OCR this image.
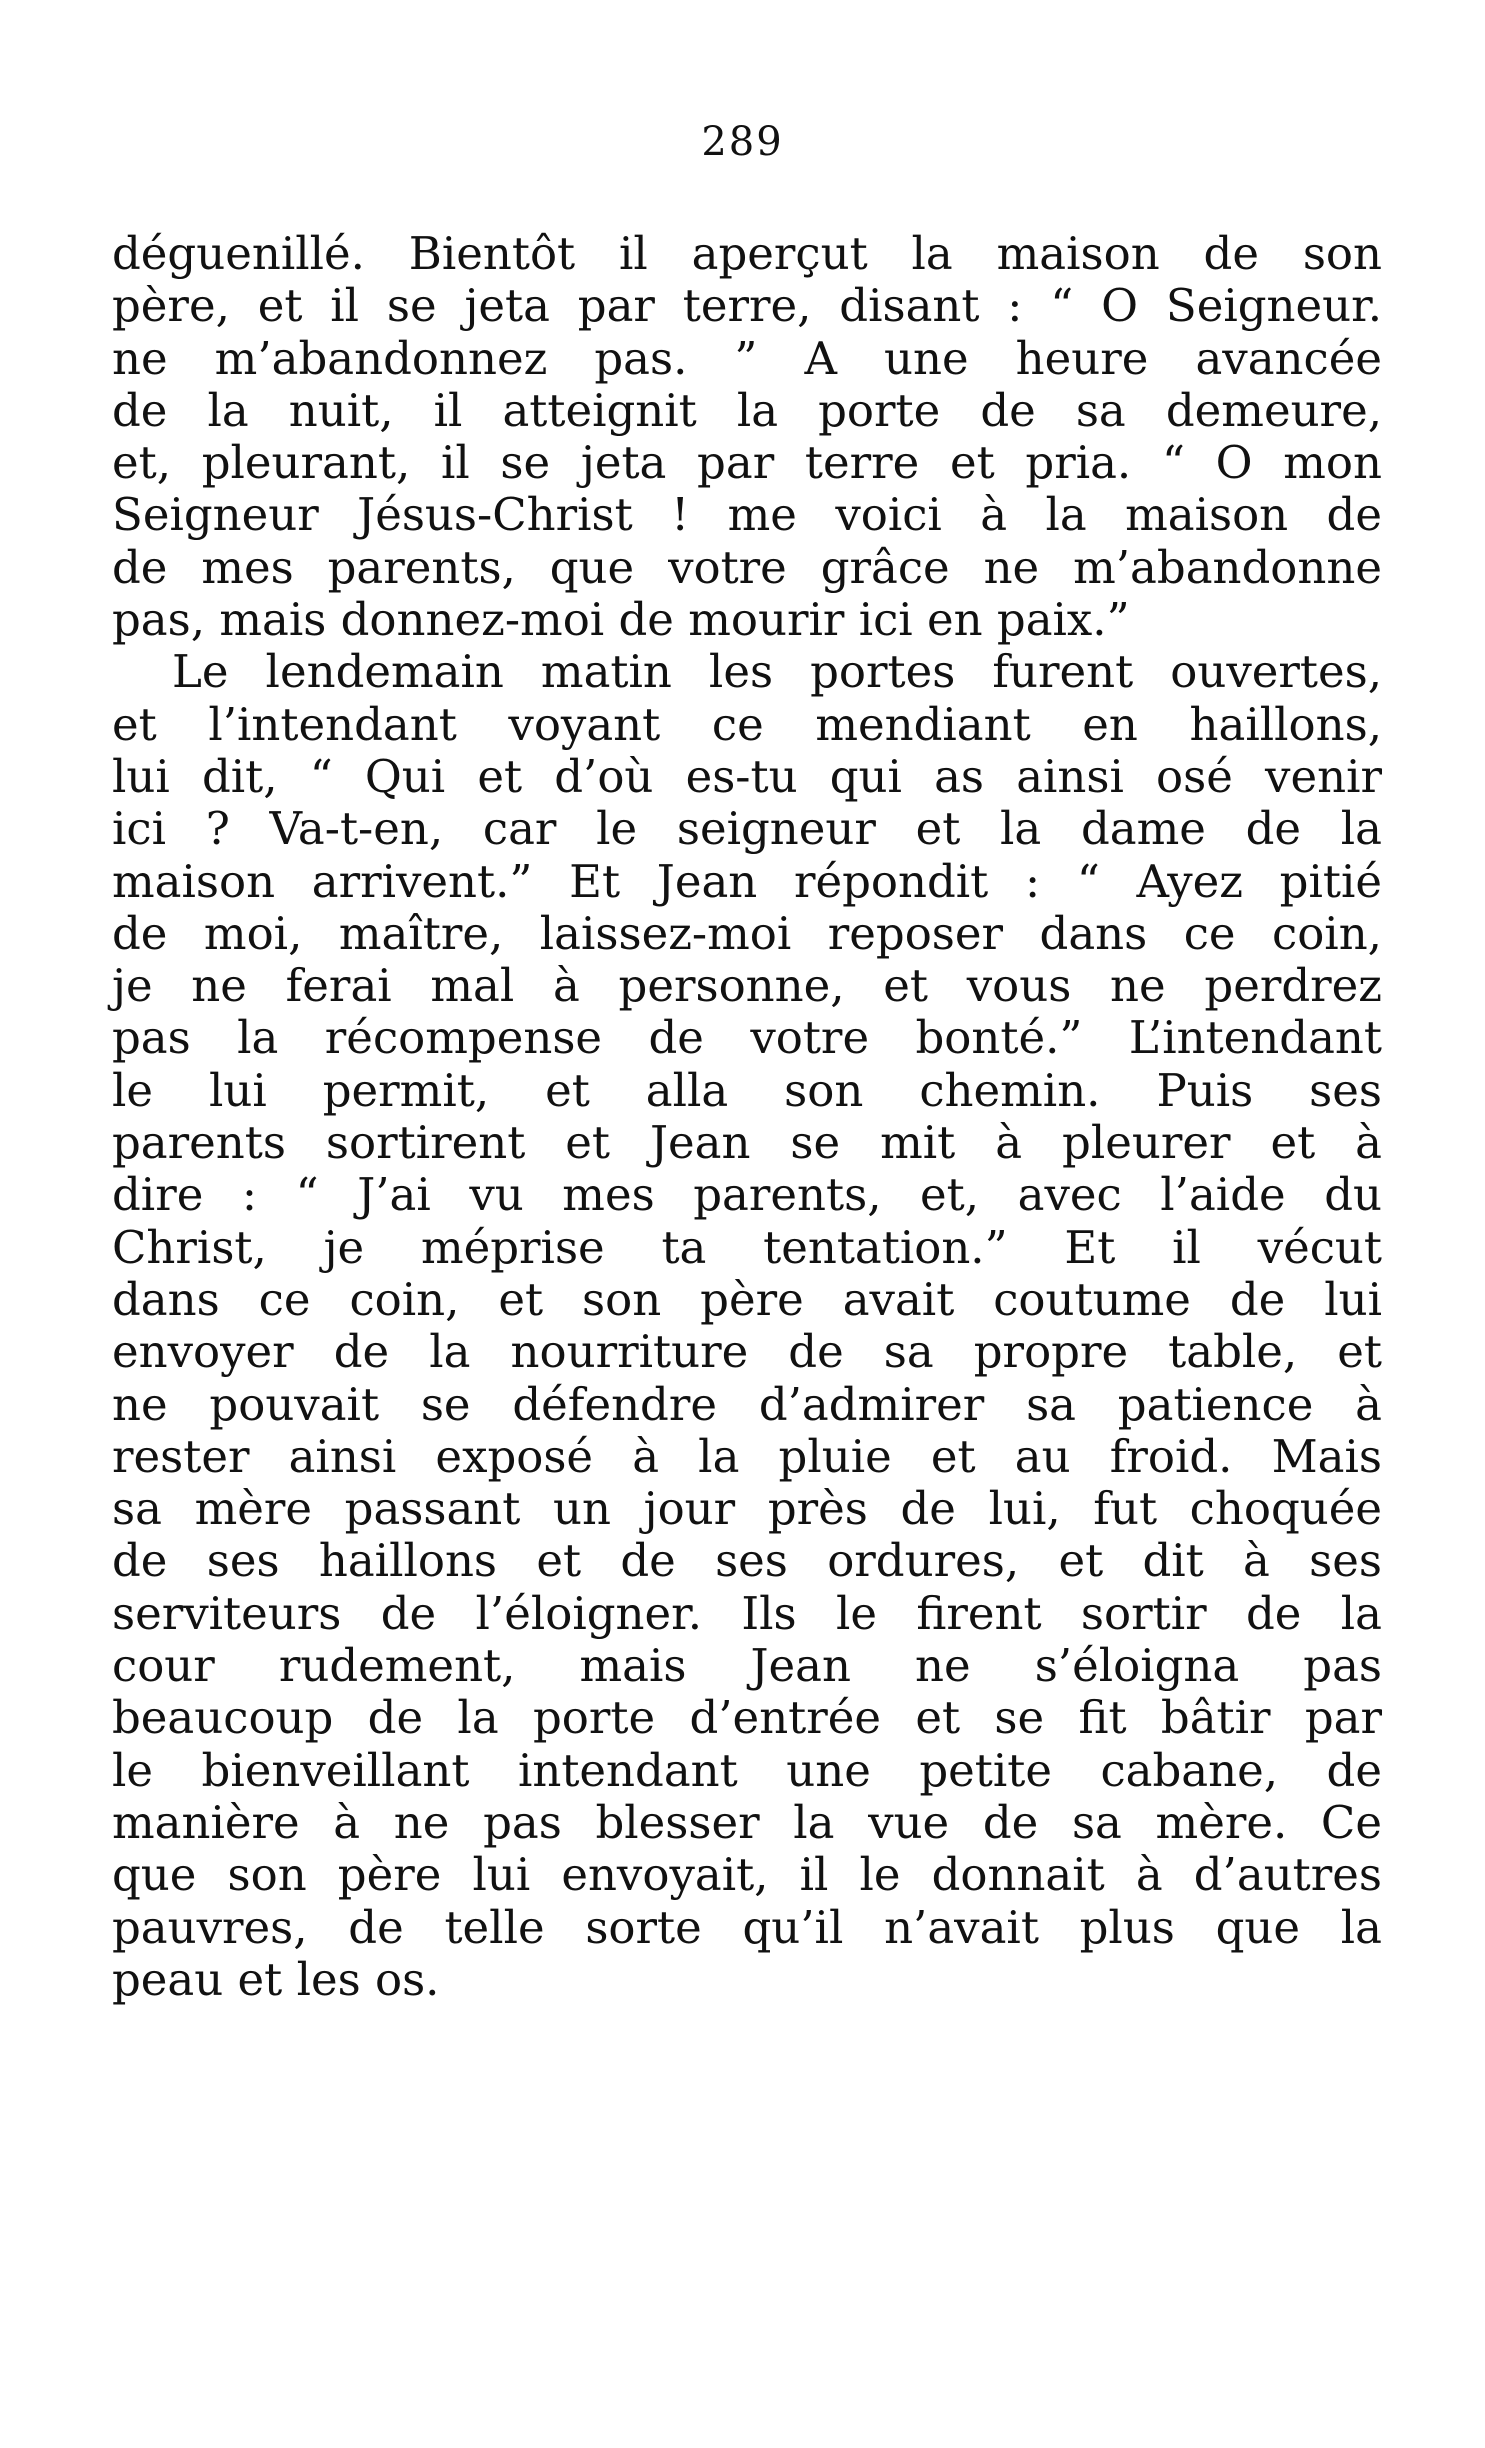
289
déguenillé. Bientôt il aperçut la maison de son
père, et il se jeta par terre, disant : “ O Seigneur.
ne m’abandonnez pas. ” A une heure avancée
de la nuit, il atteignit la porte de sa demeure,
et, pleurant, il se jeta par terre et pria. “ O mon
Seigneur Jésus-Christ ! me voici à la maison de
de mes parents, que votre grâce ne m’abandonne
pas, mais donnez-moi de mourir ici en paix.”
Le lendemain matin les portes furent ouvertes,
et l’intendant voyant ce mendiant en haillons,
lui dit, “ Qui et d’où es-tu qui as ainsi osé venir
ici ? Va-t-en, car le seigneur et la dame de la
maison arrivent.” Et Jean répondit : “ Ayez pitié
de moi, maître, laissez-moi reposer dans ce coin,
je ne ferai mal à personne, et vous ne perdrez
pas la récompense de votre bonté.” L’intendant
le lui permit, et alla son chemin. Puis ses
parents sortirent et Jean se mit à pleurer et à
dire : “ J’ai vu mes parents, et, avec l’aide du
Christ, je méprise ta tentation.” Et il vécut
dans ce coin, et son père avait coutume de lui
envoyer de la nourriture de sa propre table, et
ne pouvait se défendre d’admirer sa patience à
rester ainsi exposé à la pluie et au froid. Mais
sa mère passant un jour près de lui, fut choquée
de ses haillons et de ses ordures, et dit à ses
serviteurs de l’éloigner. Ils le firent sortir de la
cour rudement, mais Jean ne s’éloigna pas
beaucoup de la porte d’entrée et se fit bâtir par
le bienveillant intendant une petite cabane, de
manière à ne pas blesser la vue de sa mère. Ce
que son père lui envoyait, il le donnait à d’autres
pauvres, de telle sorte qu’il n’avait plus que la
peau et les os.
